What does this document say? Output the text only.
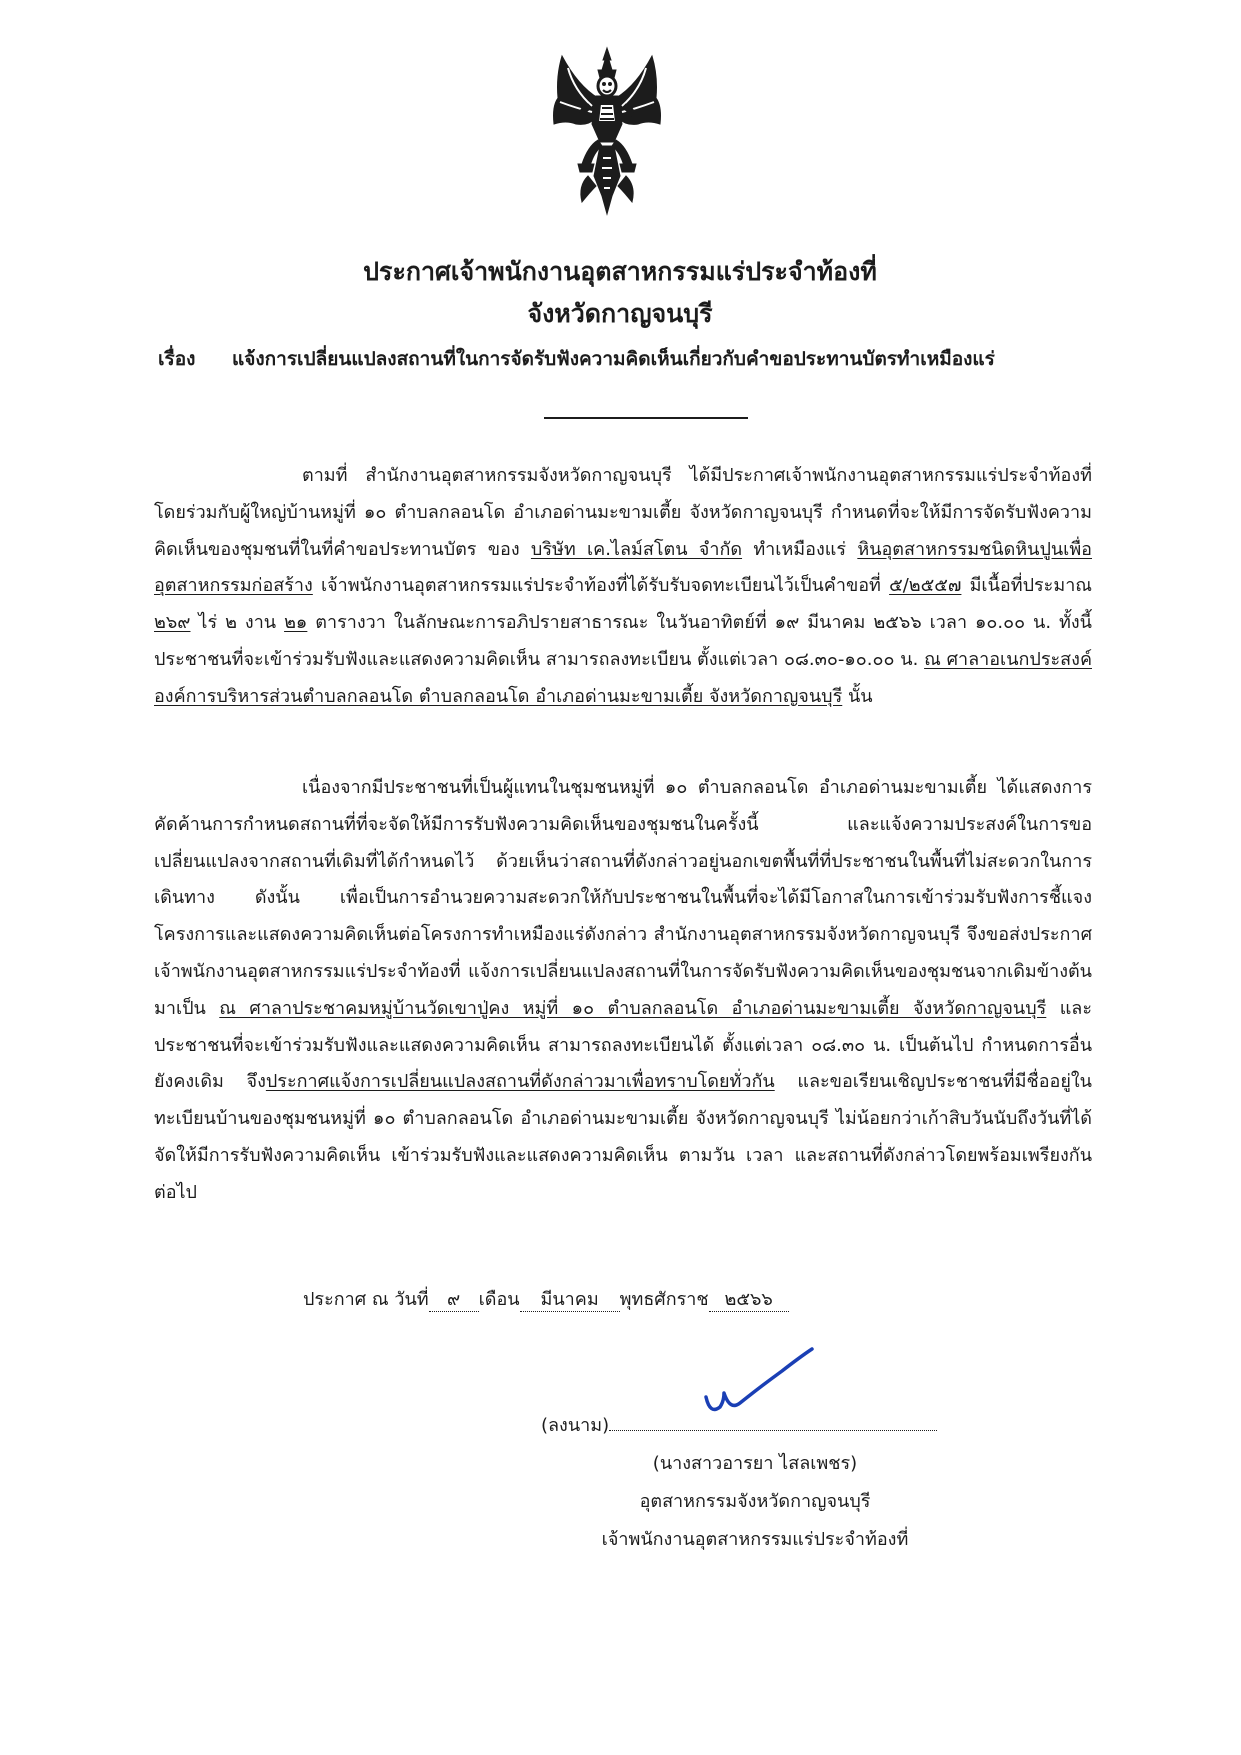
ประกาศเจ้าพนักงานอุตสาหกรรมแร่ประจำท้องที่
จังหวัดกาญจนบุรี
เรื่อง แจ้งการเปลี่ยนแปลงสถานที่ในการจัดรับฟังความคิดเห็นเกี่ยวกับคำขอประทานบัตรทำเหมืองแร่
ตามที่ สำนักงานอุตสาหกรรมจังหวัดกาญจนบุรี ได้มีประกาศเจ้าพนักงานอุตสาหกรรมแร่ประจำท้องที่ โดยร่วมกับผู้ใหญ่บ้านหมู่ที่ ๑๐ ตำบลกลอนโด อำเภอด่านมะขามเตี้ย จังหวัดกาญจนบุรี กำหนดที่จะให้มีการจัดรับฟังความคิดเห็นของชุมชนที่ในที่คำขอประทานบัตร ของ บริษัท เค.ไลม์สโตน จำกัด ทำเหมืองแร่ หินอุตสาหกรรมชนิดหินปูนเพื่ออุตสาหกรรมก่อสร้าง เจ้าพนักงานอุตสาหกรรมแร่ประจำท้องที่ได้รับรับจดทะเบียนไว้เป็นคำขอที่ ๕/๒๕๕๗ มีเนื้อที่ประมาณ ๒๖๙ ไร่ ๒ งาน ๒๑ ตารางวา ในลักษณะการอภิปรายสาธารณะ ในวันอาทิตย์ที่ ๑๙ มีนาคม ๒๕๖๖ เวลา ๑๐.๐๐ น. ทั้งนี้ ประชาชนที่จะเข้าร่วมรับฟังและแสดงความคิดเห็น สามารถลงทะเบียน ตั้งแต่เวลา ๐๘.๓๐-๑๐.๐๐ น. ณ ศาลาอเนกประสงค์ องค์การบริหารส่วนตำบลกลอนโด ตำบลกลอนโด อำเภอด่านมะขามเตี้ย จังหวัดกาญจนบุรี นั้น
เนื่องจากมีประชาชนที่เป็นผู้แทนในชุมชนหมู่ที่ ๑๐ ตำบลกลอนโด อำเภอด่านมะขามเตี้ย ได้แสดงการคัดค้านการกำหนดสถานที่ที่จะจัดให้มีการรับฟังความคิดเห็นของชุมชนในครั้งนี้ และแจ้งความประสงค์ในการขอเปลี่ยนแปลงจากสถานที่เดิมที่ได้กำหนดไว้ ด้วยเห็นว่าสถานที่ดังกล่าวอยู่นอกเขตพื้นที่ที่ประชาชนในพื้นที่ไม่สะดวกในการเดินทาง ดังนั้น เพื่อเป็นการอำนวยความสะดวกให้กับประชาชนในพื้นที่จะได้มีโอกาสในการเข้าร่วมรับฟังการชี้แจงโครงการและแสดงความคิดเห็นต่อโครงการทำเหมืองแร่ดังกล่าว สำนักงานอุตสาหกรรมจังหวัดกาญจนบุรี จึงขอส่งประกาศเจ้าพนักงานอุตสาหกรรมแร่ประจำท้องที่ แจ้งการเปลี่ยนแปลงสถานที่ในการจัดรับฟังความคิดเห็นของชุมชนจากเดิมข้างต้น มาเป็น ณ ศาลาประชาคมหมู่บ้านวัดเขาปู่คง หมู่ที่ ๑๐ ตำบลกลอนโด อำเภอด่านมะขามเตี้ย จังหวัดกาญจนบุรี และประชาชนที่จะเข้าร่วมรับฟังและแสดงความคิดเห็น สามารถลงทะเบียนได้ ตั้งแต่เวลา ๐๘.๓๐ น. เป็นต้นไป กำหนดการอื่นยังคงเดิม จึงประกาศแจ้งการเปลี่ยนแปลงสถานที่ดังกล่าวมาเพื่อทราบโดยทั่วกัน และขอเรียนเชิญประชาชนที่มีชื่ออยู่ในทะเบียนบ้านของชุมชนหมู่ที่ ๑๐ ตำบลกลอนโด อำเภอด่านมะขามเตี้ย จังหวัดกาญจนบุรี ไม่น้อยกว่าเก้าสิบวันนับถึงวันที่ได้จัดให้มีการรับฟังความคิดเห็น เข้าร่วมรับฟังและแสดงความคิดเห็น ตามวัน เวลา และสถานที่ดังกล่าวโดยพร้อมเพรียงกันต่อไป
ประกาศ ณ วันที่ ๙ เดือน มีนาคม พุทธศักราช ๒๕๖๖
(ลงนาม)
(นางสาวอารยา ไสลเพชร)
อุตสาหกรรมจังหวัดกาญจนบุรี
เจ้าพนักงานอุตสาหกรรมแร่ประจำท้องที่
